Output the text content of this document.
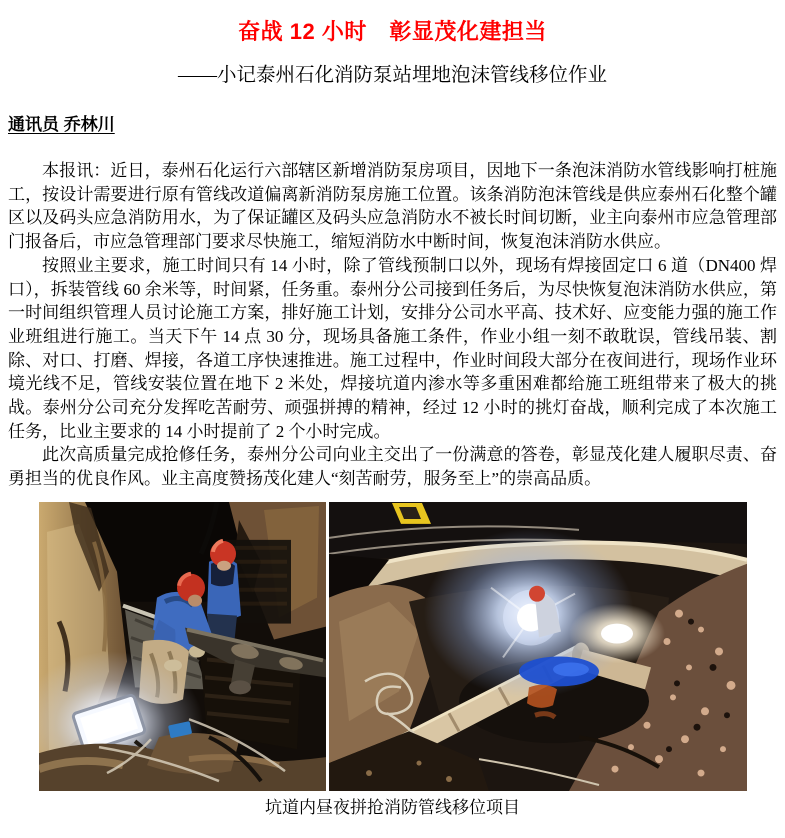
奋战 12 小时　彰显茂化建担当
——小记泰州石化消防泵站埋地泡沫管线移位作业
通讯员 乔林川

本报讯：近日，泰州石化运行六部辖区新增消防泵房项目，因地下一条泡沫消防水管线影响打桩施工，按设计需要进行原有管线改道偏离新消防泵房施工位置。该条消防泡沫管线是供应泰州石化整个罐区以及码头应急消防用水，为了保证罐区及码头应急消防水不被长时间切断，业主向泰州市应急管理部门报备后，市应急管理部门要求尽快施工，缩短消防水中断时间，恢复泡沫消防水供应。

按照业主要求，施工时间只有 14 小时，除了管线预制口以外，现场有焊接固定口 6 道（DN400 焊口），拆装管线 60 余米等，时间紧，任务重。泰州分公司接到任务后，为尽快恢复泡沫消防水供应，第一时间组织管理人员讨论施工方案，排好施工计划，安排分公司水平高、技术好、应变能力强的施工作业班组进行施工。当天下午 14 点 30 分，现场具备施工条件，作业小组一刻不敢耽误，管线吊装、割除、对口、打磨、焊接，各道工序快速推进。施工过程中，作业时间段大部分在夜间进行，现场作业环境光线不足，管线安装位置在地下 2 米处，焊接坑道内渗水等多重困难都给施工班组带来了极大的挑战。泰州分公司充分发挥吃苦耐劳、顽强拼搏的精神，经过 12 小时的挑灯奋战，顺利完成了本次施工任务，比业主要求的 14 小时提前了 2 个小时完成。

此次高质量完成抢修任务，泰州分公司向业主交出了一份满意的答卷，彰显茂化建人履职尽责、奋勇担当的优良作风。业主高度赞扬茂化建人“刻苦耐劳，服务至上”的崇高品质。

坑道内昼夜拼抢消防管线移位项目
